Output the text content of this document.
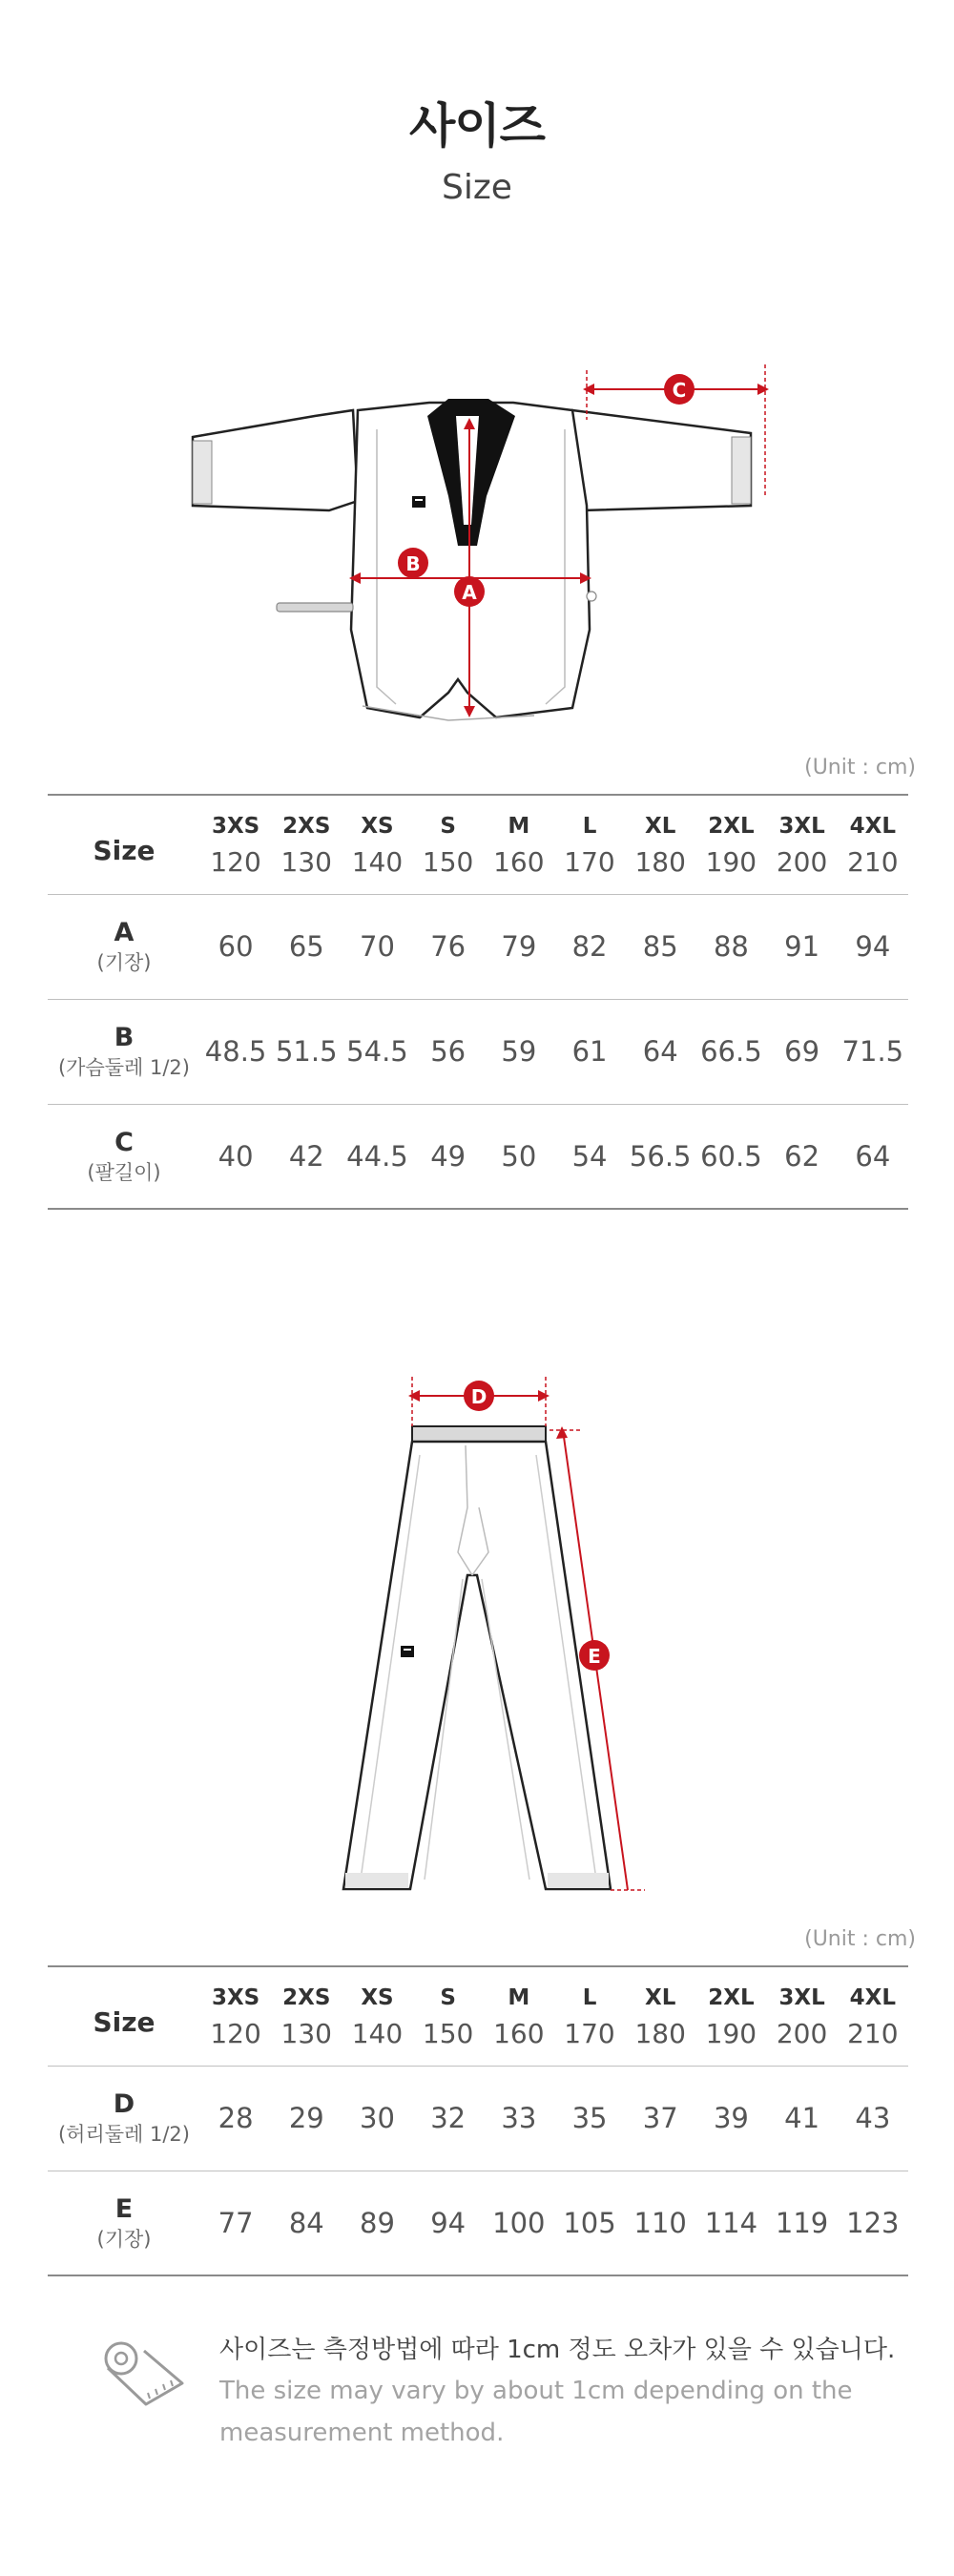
사이즈
Size
A
B
C
(Unit : cm)
Size	3XS	2XS	XS	S	M	L	XL	2XL	3XL	4XL
	120	130	140	150	160	170	180	190	200	210

A
(기장)	60	65	70	76	79	82	85	88	91	94

B
(가슴둘레 1/2)	48.5	51.5	54.5	56	59	61	64	66.5	69	71.5

C
(팔길이)	40	42	44.5	49	50	54	56.5	60.5	62	64
D
E
(Unit : cm)
Size	3XS	2XS	XS	S	M	L	XL	2XL	3XL	4XL
	120	130	140	150	160	170	180	190	200	210

D
(허리둘레 1/2)	28	29	30	32	33	35	37	39	41	43

E
(기장)	77	84	89	94	100	105	110	114	119	123
사이즈는 측정방법에 따라 1cm 정도 오차가 있을 수 있습니다.
The size may vary by about 1cm depending on the measurement method.
